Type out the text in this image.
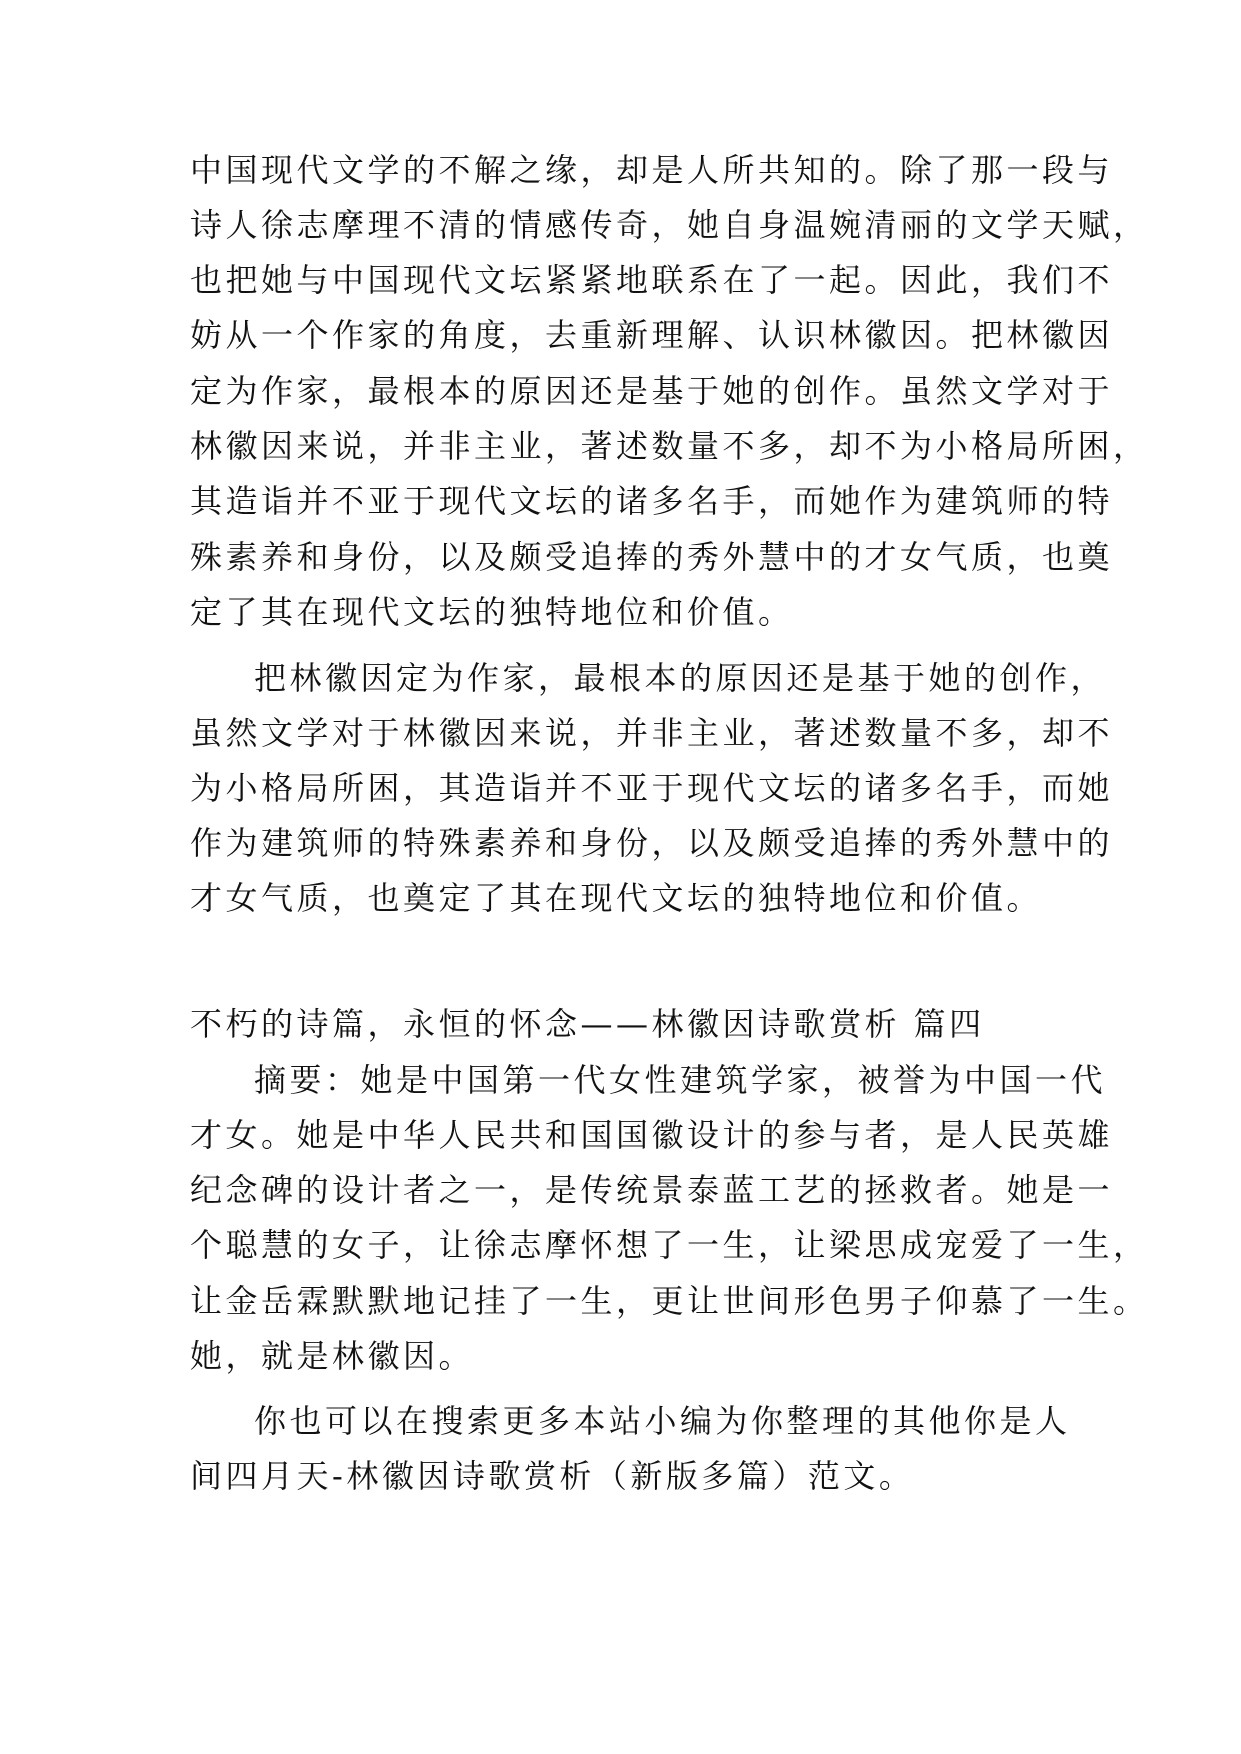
中国现代文学的不解之缘，却是人所共知的。除了那一段与
诗人徐志摩理不清的情感传奇，她自身温婉清丽的文学天赋，
也把她与中国现代文坛紧紧地联系在了一起。因此，我们不
妨从一个作家的角度，去重新理解、认识林徽因。把林徽因
定为作家，最根本的原因还是基于她的创作。虽然文学对于
林徽因来说，并非主业，著述数量不多，却不为小格局所困，
其造诣并不亚于现代文坛的诸多名手，而她作为建筑师的特
殊素养和身份，以及颇受追捧的秀外慧中的才女气质，也奠
定了其在现代文坛的独特地位和价值。
把林徽因定为作家，最根本的原因还是基于她的创作，
虽然文学对于林徽因来说，并非主业，著述数量不多，却不
为小格局所困，其造诣并不亚于现代文坛的诸多名手，而她
作为建筑师的特殊素养和身份，以及颇受追捧的秀外慧中的
才女气质，也奠定了其在现代文坛的独特地位和价值。
不朽的诗篇，永恒的怀念——林徽因诗歌赏析 篇四
摘要：她是中国第一代女性建筑学家，被誉为中国一代
才女。她是中华人民共和国国徽设计的参与者，是人民英雄
纪念碑的设计者之一，是传统景泰蓝工艺的拯救者。她是一
个聪慧的女子，让徐志摩怀想了一生，让梁思成宠爱了一生，
让金岳霖默默地记挂了一生，更让世间形色男子仰慕了一生。
她，就是林徽因。
你也可以在搜索更多本站小编为你整理的其他你是人
间四月天-林徽因诗歌赏析（新版多篇）范文。
